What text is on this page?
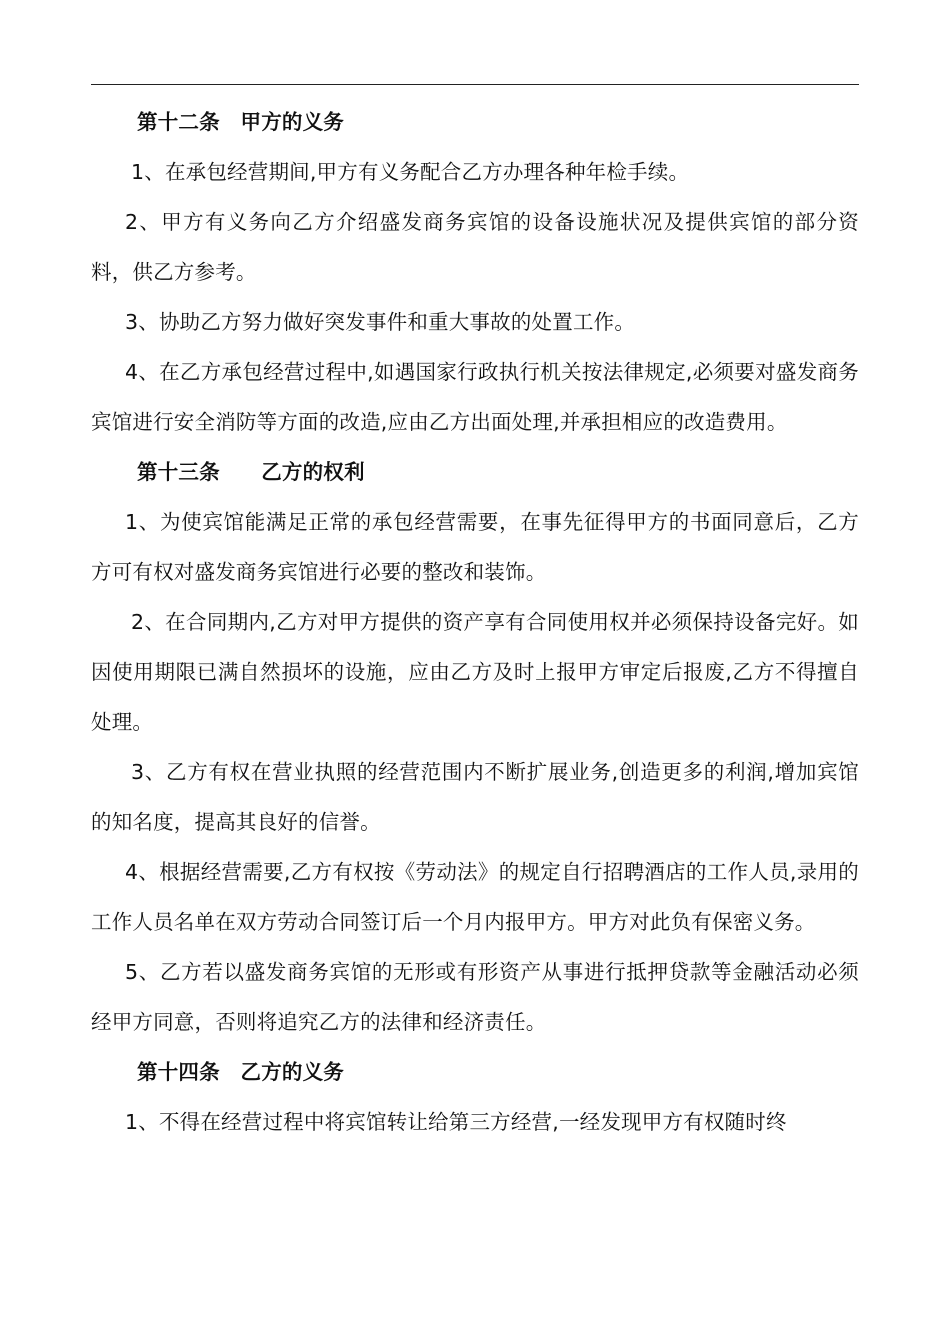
第十二条　甲方的义务

1、在承包经营期间,甲方有义务配合乙方办理各种年检手续。

2、甲方有义务向乙方介绍盛发商务宾馆的设备设施状况及提供宾馆的部分资料，供乙方参考。

3、协助乙方努力做好突发事件和重大事故的处置工作。

4、在乙方承包经营过程中,如遇国家行政执行机关按法律规定,必须要对盛发商务宾馆进行安全消防等方面的改造,应由乙方出面处理,并承担相应的改造费用。

第十三条　　乙方的权利

1、为使宾馆能满足正常的承包经营需要，在事先征得甲方的书面同意后，乙方方可有权对盛发商务宾馆进行必要的整改和装饰。

2、在合同期内,乙方对甲方提供的资产享有合同使用权并必须保持设备完好。如因使用期限已满自然损坏的设施，应由乙方及时上报甲方审定后报废,乙方不得擅自处理。

3、乙方有权在营业执照的经营范围内不断扩展业务,创造更多的利润,增加宾馆的知名度，提高其良好的信誉。

4、根据经营需要,乙方有权按《劳动法》的规定自行招聘酒店的工作人员,录用的工作人员名单在双方劳动合同签订后一个月内报甲方。甲方对此负有保密义务。

5、乙方若以盛发商务宾馆的无形或有形资产从事进行抵押贷款等金融活动必须经甲方同意，否则将追究乙方的法律和经济责任。

第十四条　乙方的义务

1、不得在经营过程中将宾馆转让给第三方经营,一经发现甲方有权随时终
